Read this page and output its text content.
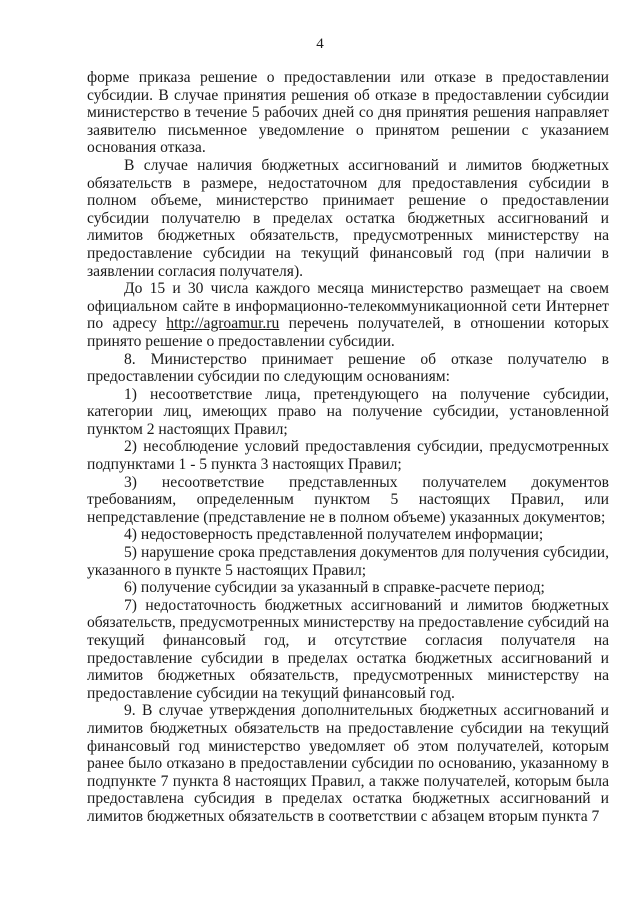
4

форме приказа решение о предоставлении или отказе в предоставлении субсидии. В случае принятия решения об отказе в предоставлении субсидии министерство в течение 5 рабочих дней со дня принятия решения направляет заявителю письменное уведомление о принятом решении с указанием основания отказа.

В случае наличия бюджетных ассигнований и лимитов бюджетных обязательств в размере, недостаточном для предоставления субсидии в полном объеме, министерство принимает решение о предоставлении субсидии получателю в пределах остатка бюджетных ассигнований и лимитов бюджетных обязательств, предусмотренных министерству на предоставление субсидии на текущий финансовый год (при наличии в заявлении согласия получателя).

До 15 и 30 числа каждого месяца министерство размещает на своем официальном сайте в информационно-телекоммуникационной сети Интернет по адресу http://agroamur.ru перечень получателей, в отношении которых принято решение о предоставлении субсидии.

8. Министерство принимает решение об отказе получателю в предоставлении субсидии по следующим основаниям:

1) несоответствие лица, претендующего на получение субсидии, категории лиц, имеющих право на получение субсидии, установленной пунктом 2 настоящих Правил;

2) несоблюдение условий предоставления субсидии, предусмотренных подпунктами 1 - 5 пункта 3 настоящих Правил;

3) несоответствие представленных получателем документов требованиям, определенным пунктом 5 настоящих Правил, или непредставление (представление не в полном объеме) указанных документов;

4) недостоверность представленной получателем информации;

5) нарушение срока представления документов для получения субсидии, указанного в пункте 5 настоящих Правил;

6) получение субсидии за указанный в справке-расчете период;

7) недостаточность бюджетных ассигнований и лимитов бюджетных обязательств, предусмотренных министерству на предоставление субсидий на текущий финансовый год, и отсутствие согласия получателя на предоставление субсидии в пределах остатка бюджетных ассигнований и лимитов бюджетных обязательств, предусмотренных министерству на предоставление субсидии на текущий финансовый год.

9. В случае утверждения дополнительных бюджетных ассигнований и лимитов бюджетных обязательств на предоставление субсидии на текущий финансовый год министерство уведомляет об этом получателей, которым ранее было отказано в предоставлении субсидии по основанию, указанному в подпункте 7 пункта 8 настоящих Правил, а также получателей, которым была предоставлена субсидия в пределах остатка бюджетных ассигнований и лимитов бюджетных обязательств в соответствии с абзацем вторым пункта 7
